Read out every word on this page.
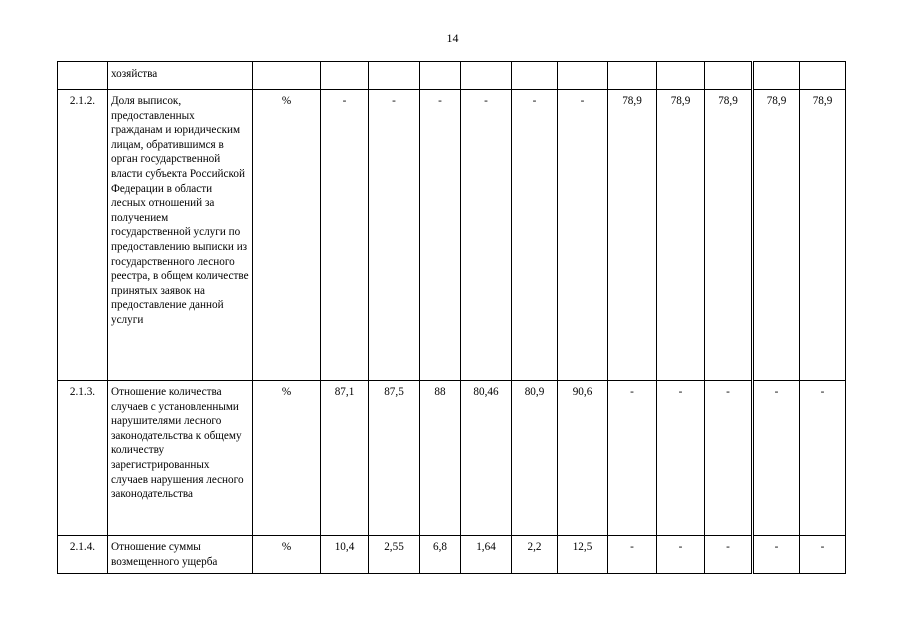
14
	хозяйства												
2.1.2.	Доля выписок, предоставленных гражданам и юридическим лицам, обратившимся в орган государственной власти субъекта Российской Федерации в области лесных отношений за получением государственной услуги по предоставлению выписки из государственного лесного реестра, в общем количестве принятых заявок на предоставление данной услуги	%	-	-	-	-	-	-	78,9	78,9	78,9	78,9	78,9
2.1.3.	Отношение количества случаев с установленными нарушителями лесного законодательства к общему количеству зарегистрированных случаев нарушения лесного законодательства	%	87,1	87,5	88	80,46	80,9	90,6	-	-	-	-	-
2.1.4.	Отношение суммы возмещенного ущерба	%	10,4	2,55	6,8	1,64	2,2	12,5	-	-	-	-	-
